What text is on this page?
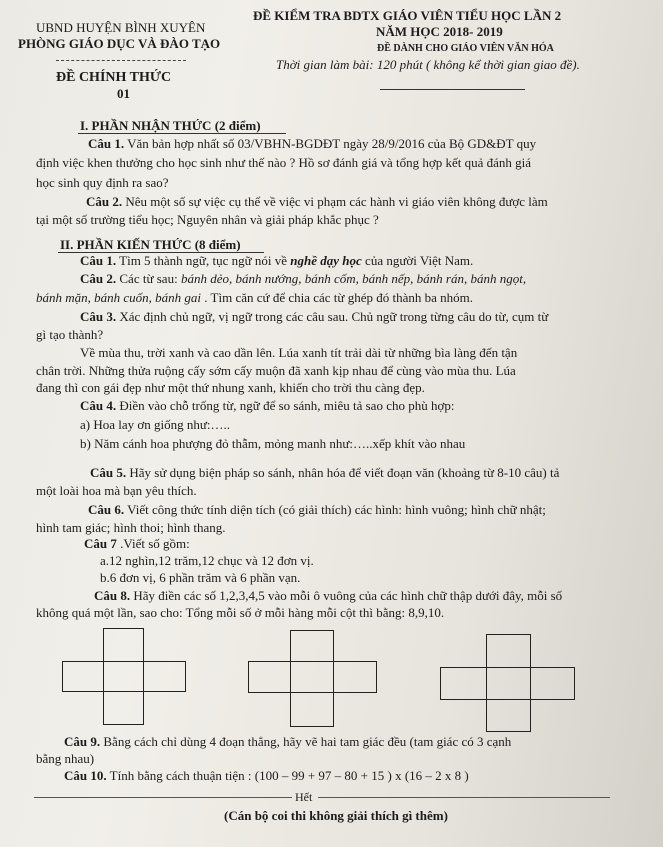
UBND HUYỆN BÌNH XUYÊN
PHÒNG GIÁO DỤC VÀ ĐÀO TẠO
ĐỀ CHÍNH THỨC
01
ĐỀ KIỂM TRA BDTX GIÁO VIÊN TIỂU HỌC LẦN 2
NĂM HỌC 2018- 2019
ĐỀ DÀNH CHO GIÁO VIÊN VĂN HÓA
Thời gian làm bài: 120 phút ( không kể thời gian giao đề).
I. PHẦN NHẬN THỨC (2 điểm)
Câu 1. Văn bản hợp nhất số 03/VBHN-BGDĐT ngày 28/9/2016 của Bộ GD&ĐT quy
định việc khen thưởng cho học sinh như thế nào ? Hồ sơ đánh giá và tổng hợp kết quả đánh giá
học sinh quy định ra sao?
Câu 2. Nêu một số sự việc cụ thể về việc vi phạm các hành vi giáo viên không được làm
tại một số trường tiểu học; Nguyên nhân và giải pháp khắc phục ?
II. PHẦN KIẾN THỨC (8 điểm)
Câu 1. Tìm 5 thành ngữ, tục ngữ nói về nghề dạy học của người Việt Nam.
Câu 2. Các từ sau: bánh dẻo, bánh nướng, bánh cốm, bánh nếp, bánh rán, bánh ngọt,
bánh mặn, bánh cuốn, bánh gai . Tìm căn cứ để chia các từ ghép đó thành ba nhóm.
Câu 3. Xác định chủ ngữ, vị ngữ trong các câu sau. Chủ ngữ trong từng câu do từ, cụm từ
gì tạo thành?
Về mùa thu, trời xanh và cao dần lên. Lúa xanh tít trải dài từ những bìa làng đến tận
chân trời. Những thửa ruộng cấy sớm cấy muộn đã xanh kịp nhau để cùng vào mùa thu. Lúa
đang thì con gái đẹp như một thứ nhung xanh, khiến cho trời thu càng đẹp.
Câu 4. Điền vào chỗ trống từ, ngữ để so sánh, miêu tả sao cho phù hợp:
a) Hoa lay ơn giống như:…..
b) Năm cánh hoa phượng đỏ thẫm, mỏng manh như:…..xếp khít vào nhau
Câu 5. Hãy sử dụng biện pháp so sánh, nhân hóa để viết đoạn văn (khoảng từ 8-10 câu) tả
một loài hoa mà bạn yêu thích.
Câu 6. Viết công thức tính diện tích (có giải thích) các hình: hình vuông; hình chữ nhật;
hình tam giác; hình thoi; hình thang.
Câu 7 .Viết số gồm:
a.12 nghìn,12 trăm,12 chục và 12 đơn vị.
b.6 đơn vị, 6 phần trăm và 6 phần vạn.
Câu 8. Hãy điền các số 1,2,3,4,5 vào mỗi ô vuông của các hình chữ thập dưới đây, mỗi số
không quá một lần, sao cho: Tổng mỗi số ở mỗi hàng mỗi cột thì bằng: 8,9,10.
Câu 9. Bằng cách chỉ dùng 4 đoạn thẳng, hãy vẽ hai tam giác đều (tam giác có 3 cạnh
bằng nhau)
Câu 10. Tính bằng cách thuận tiện : (100 – 99 + 97 – 80 + 15 ) x (16 – 2 x 8 )
Hết
(Cán bộ coi thi không giải thích gì thêm)
